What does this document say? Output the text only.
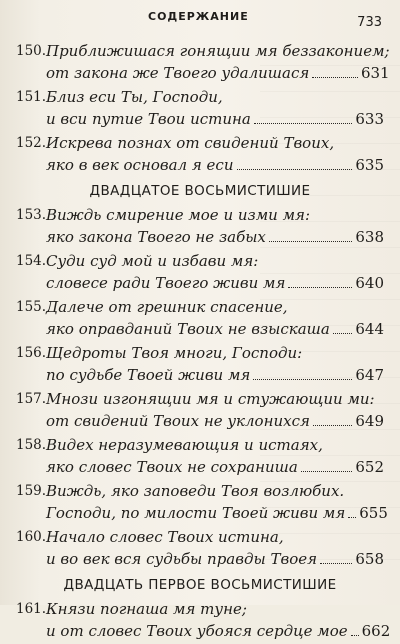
СОДЕРЖАНИЕ	733
150. Приближишася гонящии мя беззаконием;
от закона же Твоего удалишася	631
151. Близ еси Ты, Господи,
и вси путие Твои истина	633
152. Искрева познах от свидений Твоих,
яко в век основал я еси	635
ДВАДЦАТОЕ ВОСЬМИСТИШИЕ
153. Виждь смирение мое и изми мя:
яко закона Твоего не забых	638
154. Суди суд мой и избави мя:
словесе ради Твоего живи мя	640
155. Далече от грешник спасение,
яко оправданий Твоих не взыскаша 644
156. Щедроты Твоя многи, Господи:
по судьбе Твоей живи мя	647
157. Мнози изгонящии мя и стужающии ми:
от свидений Твоих не уклонихся	649
158. Видех неразумевающия и истаях,
яко словес Твоих не сохраниша	652
159. Виждь, яко заповеди Твоя возлюбих.
Господи, по милости Твоей живи мя 655
160. Начало словес Твоих истина,
и во век вся судьбы правды Твоея	658
ДВАДЦАТЬ ПЕРВОЕ ВОСЬМИСТИШИЕ
161. Князи погнаша мя туне;
и от словес Твоих убояся сердце мое 662
